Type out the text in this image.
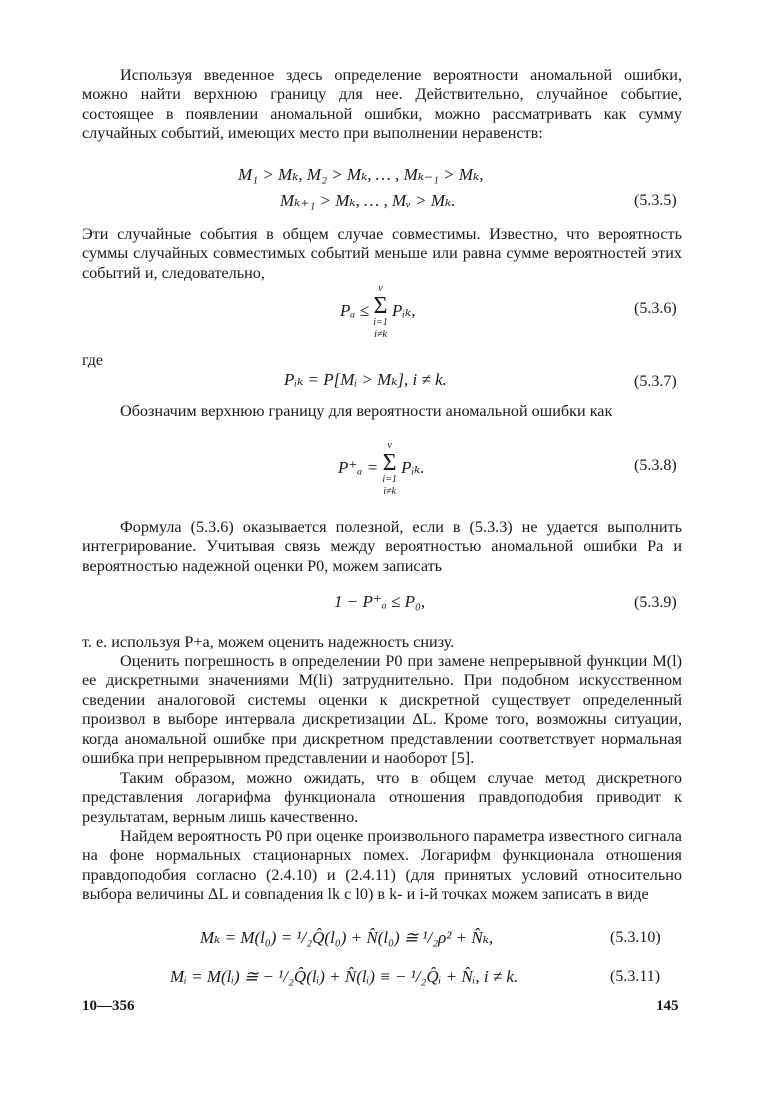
Используя введенное здесь определение вероятности аномальной ошибки, можно найти верхнюю границу для нее. Действительно, случайное событие, состоящее в появлении аномальной ошибки, можно рассматривать как сумму случайных событий, имеющих место при выполнении неравенств:

M₁ > Mₖ, M₂ > Mₖ, … , Mₖ₋₁ > Mₖ,
Mₖ₊₁ > Mₖ, … , Mᵥ > Mₖ.	(5.3.5)

Эти случайные события в общем случае совместимы. Известно, что вероятность суммы случайных совместимых событий меньше или равна сумме вероятностей этих событий и, следовательно,

Pₐ ≤
ν
Σ
i=1
i≠k
Pᵢₖ,	(5.3.6)
где
Pᵢₖ = P[Mᵢ > Mₖ], i ≠ k.	(5.3.7)

Обозначим верхнюю границу для вероятности аномальной ошибки как

P⁺ₐ =
ν
Σ
i=1
i≠k
Pᵢₖ.	(5.3.8)

Формула (5.3.6) оказывается полезной, если в (5.3.3) не удается выполнить интегрирование. Учитывая связь между вероятностью аномальной ошибки Pa и вероятностью надежной оценки P0, можем записать

1 − P⁺ₐ ≤ P₀,	(5.3.9)

т. е. используя P+a, можем оценить надежность снизу.

Оценить погрешность в определении P0 при замене непрерывной функции M(l) ее дискретными значениями M(li) затруднительно. При подобном искусственном сведении аналоговой системы оценки к дискретной существует определенный произвол в выборе интервала дискретизации ΔL. Кроме того, возможны ситуации, когда аномальной ошибке при дискретном представлении соответствует нормальная ошибка при непрерывном представлении и наоборот [5].

Таким образом, можно ожидать, что в общем случае метод дискретного представления логарифма функционала отношения правдоподобия приводит к результатам, верным лишь качественно.

Найдем вероятность P0 при оценке произвольного параметра известного сигнала на фоне нормальных стационарных помех. Логарифм функционала отношения правдоподобия согласно (2.4.10) и (2.4.11) (для принятых условий относительно выбора величины ΔL и совпадения lk с l0) в k- и i-й точках можем записать в виде

Mₖ = M(l₀) = ¹/₂Q̂(l₀) + N̂(l₀) ≅ ¹/₂ρ² + N̂ₖ,	(5.3.10)
Mᵢ = M(lᵢ) ≅ − ¹/₂Q̂(lᵢ) + N̂(lᵢ) ≡ − ¹/₂Q̂ᵢ + N̂ᵢ, i ≠ k.	(5.3.11)
10—356	145
